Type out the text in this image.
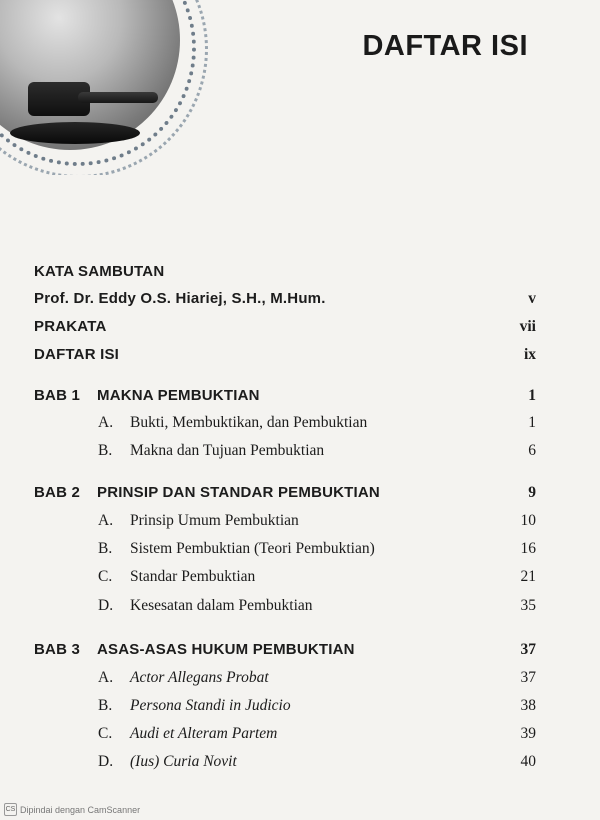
DAFTAR ISI
KATA SAMBUTAN
Prof. Dr. Eddy O.S. Hiariej, S.H., M.Hum.	v
PRAKATA	vii
DAFTAR ISI	ix
BAB 1 MAKNA PEMBUKTIAN	1
A. Bukti, Membuktikan, dan Pembuktian	1
B. Makna dan Tujuan Pembuktian	6
BAB 2 PRINSIP DAN STANDAR PEMBUKTIAN	9
A. Prinsip Umum Pembuktian	10
B. Sistem Pembuktian (Teori Pembuktian)	16
C. Standar Pembuktian	21
D. Kesesatan dalam Pembuktian	35
BAB 3 ASAS-ASAS HUKUM PEMBUKTIAN	37
A. Actor Allegans Probat	37
B. Persona Standi in Judicio	38
C. Audi et Alteram Partem	39
D. (Ius) Curia Novit	40
CS Dipindai dengan CamScanner
